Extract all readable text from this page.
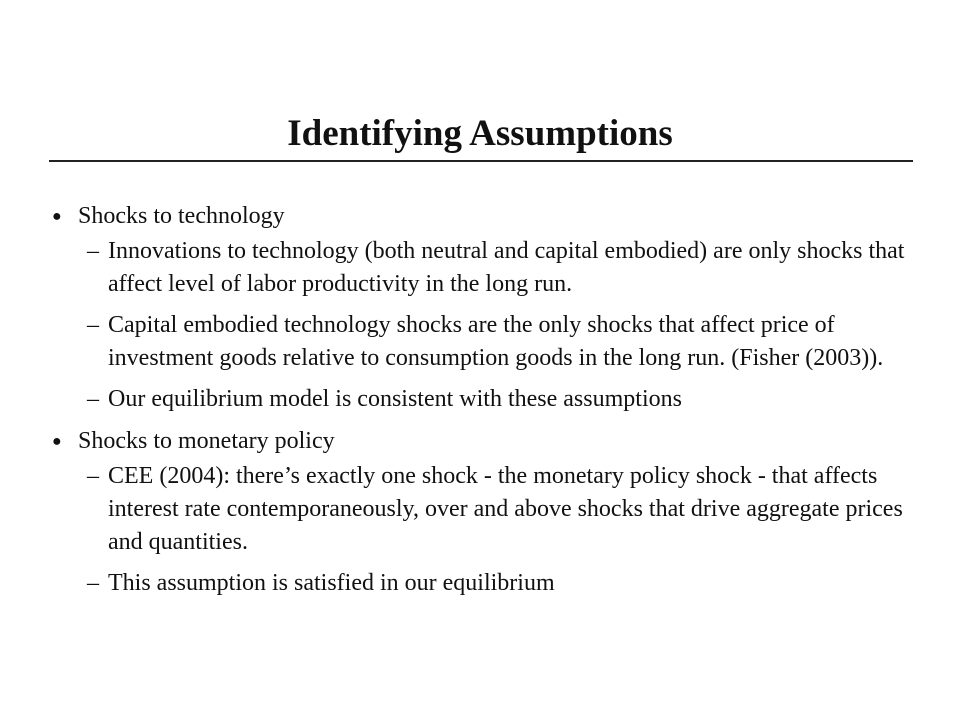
Identifying Assumptions
● Shocks to technology
– Innovations to technology (both neutral and capital embodied) are only shocks that affect level of labor productivity in the long run.
– Capital embodied technology shocks are the only shocks that affect price of investment goods relative to consumption goods in the long run. (Fisher (2003)).
– Our equilibrium model is consistent with these assumptions
● Shocks to monetary policy
– CEE (2004): there’s exactly one shock - the monetary policy shock - that affects interest rate contemporaneously, over and above shocks that drive aggregate prices and quantities.
– This assumption is satisfied in our equilibrium
